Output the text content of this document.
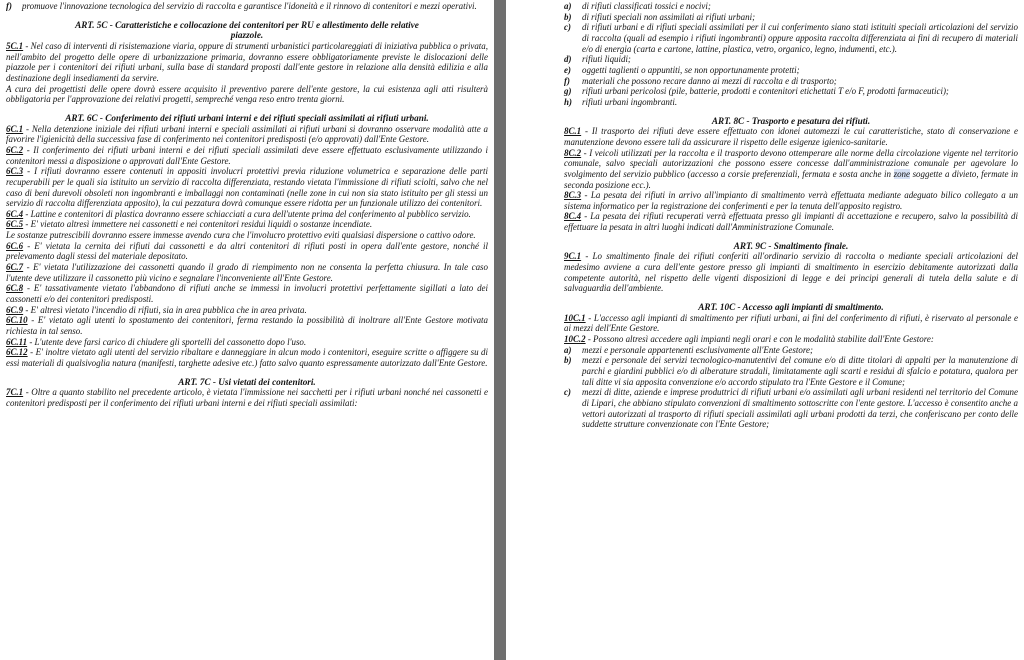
f)	promuove l'innovazione tecnologica del servizio di raccolta e garantisce l'idoneità e il rinnovo di contenitori e mezzi operativi.
ART. 5C - Caratteristiche e collocazione dei contenitori per RU e allestimento delle relative
piazzole.

5C.1 - Nel caso di interventi di risistemazione viaria, oppure di strumenti urbanistici particolareggiati di iniziativa pubblica o privata, nell'ambito del progetto delle opere di urbanizzazione primaria, dovranno essere obbligatoriamente previste le dislocazioni delle piazzole per i contenitori dei rifiuti urbani, sulla base di standard proposti dall'ente gestore in relazione alla densità edilizia e alla destinazione degli insediamenti da servire.

A cura dei progettisti delle opere dovrà essere acquisito il preventivo parere dell'ente gestore, la cui esistenza agli atti risulterà obbligatoria per l'approvazione dei relativi progetti, sempreché venga reso entro trenta giorni.

ART. 6C - Conferimento dei rifiuti urbani interni e dei rifiuti speciali assimilati ai rifiuti urbani.

6C.1 - Nella detenzione iniziale dei rifiuti urbani interni e speciali assimilati ai rifiuti urbani si dovranno osservare modalità atte a favorire l'igienicità della successiva fase di conferimento nei contenitori predisposti (e/o approvati) dall'Ente Gestore.

6C.2 - Il conferimento dei rifiuti urbani interni e dei rifiuti speciali assimilati deve essere effettuato esclusivamente utilizzando i contenitori messi a disposizione o approvati dall'Ente Gestore.

6C.3 - I rifiuti dovranno essere contenuti in appositi involucri protettivi previa riduzione volumetrica e separazione delle parti recuperabili per le quali sia istituito un servizio di raccolta differenziata, restando vietata l'immissione di rifiuti sciolti, salvo che nel caso di beni durevoli obsoleti non ingombranti e imballaggi non contaminati (nelle zone in cui non sia stato istituito per gli stessi un servizio di raccolta differenziata apposito), la cui pezzatura dovrà comunque essere ridotta per un funzionale utilizzo dei contenitori.

6C.4 - Lattine e contenitori di plastica dovranno essere schiacciati a cura dell'utente prima del conferimento al pubblico servizio.

6C.5 - E' vietato altresì immettere nei cassonetti e nei contenitori residui liquidi o sostanze incendiate.

Le sostanze putrescibili dovranno essere immesse avendo cura che l'involucro protettivo eviti qualsiasi dispersione o cattivo odore.

6C.6 - E' vietata la cernita dei rifiuti dai cassonetti e da altri contenitori di rifiuti posti in opera dall'ente gestore, nonché il prelevamento dagli stessi del materiale depositato.

6C.7 - E' vietata l'utilizzazione dei cassonetti quando il grado di riempimento non ne consenta la perfetta chiusura. In tale caso l'utente deve utilizzare il cassonetto più vicino e segnalare l'inconveniente all'Ente Gestore.

6C.8 - E' tassativamente vietato l'abbandono di rifiuti anche se immessi in involucri protettivi perfettamente sigillati a lato dei cassonetti e/o dei contenitori predisposti.

6C.9 - E' altresì vietato l'incendio di rifiuti, sia in area pubblica che in area privata.

6C.10 - E' vietato agli utenti lo spostamento dei contenitori, ferma restando la possibilità di inoltrare all'Ente Gestore motivata richiesta in tal senso.

6C.11 - L'utente deve farsi carico di chiudere gli sportelli del cassonetto dopo l'uso.

6C.12 - E' inoltre vietato agli utenti del servizio ribaltare e danneggiare in alcun modo i contenitori, eseguire scritte o affiggere su di essi materiali di qualsivoglia natura (manifesti, targhette adesive etc.) fatto salvo quanto espressamente autorizzato dall'Ente Gestore.

ART. 7C - Usi vietati dei contenitori.

7C.1 - Oltre a quanto stabilito nel precedente articolo, è vietata l'immissione nei sacchetti per i rifiuti urbani nonché nei cassonetti e contenitori predisposti per il conferimento dei rifiuti urbani interni e dei rifiuti speciali assimilati:

a)	di rifiuti classificati tossici e nocivi;
b)	di rifiuti speciali non assimilati ai rifiuti urbani;
c)	di rifiuti urbani e di rifiuti speciali assimilati per il cui conferimento siano stati istituiti speciali articolazioni del servizio di raccolta (quali ad esempio i rifiuti ingombranti) oppure apposita raccolta differenziata ai fini di recupero di materiali e/o di energia (carta e cartone, lattine, plastica, vetro, organico, legno, indumenti, etc.).
d)	rifiuti liquidi;
e)	oggetti taglienti o appuntiti, se non opportunamente protetti;
f)	materiali che possono recare danno ai mezzi di raccolta e di trasporto;
g)	rifiuti urbani pericolosi (pile, batterie, prodotti e contenitori etichettati T e/o F, prodotti farmaceutici);
h)	rifiuti urbani ingombranti.
ART. 8C - Trasporto e pesatura dei rifiuti.

8C.1 - Il trasporto dei rifiuti deve essere effettuato con idonei automezzi le cui caratteristiche, stato di conservazione e manutenzione devono essere tali da assicurare il rispetto delle esigenze igienico-sanitarie.

8C.2 - I veicoli utilizzati per la raccolta e il trasporto devono ottemperare alle norme della circolazione vigente nel territorio comunale, salvo speciali autorizzazioni che possono essere concesse dall'amministrazione comunale per agevolare lo svolgimento del servizio pubblico (accesso a corsie preferenziali, fermata e sosta anche in zone soggette a divieto, fermate in seconda posizione ecc.).

8C.3 - La pesata dei rifiuti in arrivo all'impianto di smaltimento verrà effettuata mediante adeguato bilico collegato a un sistema informatico per la registrazione dei conferimenti e per la tenuta dell'apposito registro.

8C.4 - La pesata dei rifiuti recuperati verrà effettuata presso gli impianti di accettazione e recupero, salvo la possibilità di effettuare la pesata in altri luoghi indicati dall'Amministrazione Comunale.

ART. 9C - Smaltimento finale.

9C.1 - Lo smaltimento finale dei rifiuti conferiti all'ordinario servizio di raccolta o mediante speciali articolazioni del medesimo avviene a cura dell'ente gestore presso gli impianti di smaltimento in esercizio debitamente autorizzati dalla competente autorità, nel rispetto delle vigenti disposizioni di legge e dei principi generali di tutela della salute e di salvaguardia dell'ambiente.

ART. 10C - Accesso agli impianti di smaltimento.

10C.1 - L'accesso agli impianti di smaltimento per rifiuti urbani, ai fini del conferimento di rifiuti, è riservato al personale e ai mezzi dell'Ente Gestore.

10C.2 - Possono altresì accedere agli impianti negli orari e con le modalità stabilite dall'Ente Gestore:

a)	mezzi e personale appartenenti esclusivamente all'Ente Gestore;
b)	mezzi e personale dei servizi tecnologico-manutentivi del comune e/o di ditte titolari di appalti per la manutenzione di parchi e giardini pubblici e/o di alberature stradali, limitatamente agli scarti e residui di sfalcio e potatura, qualora per tali ditte vi sia apposita convenzione e/o accordo stipulato tra l'Ente Gestore e il Comune;
c)	mezzi di ditte, aziende e imprese produttrici di rifiuti urbani e/o assimilati agli urbani residenti nel territorio del Comune di Lipari, che abbiano stipulato convenzioni di smaltimento sottoscritte con l'ente gestore. L'accesso è consentito anche a vettori autorizzati al trasporto di rifiuti speciali assimilati agli urbani prodotti da terzi, che conferiscano per conto delle suddette strutture convenzionate con l'Ente Gestore;
